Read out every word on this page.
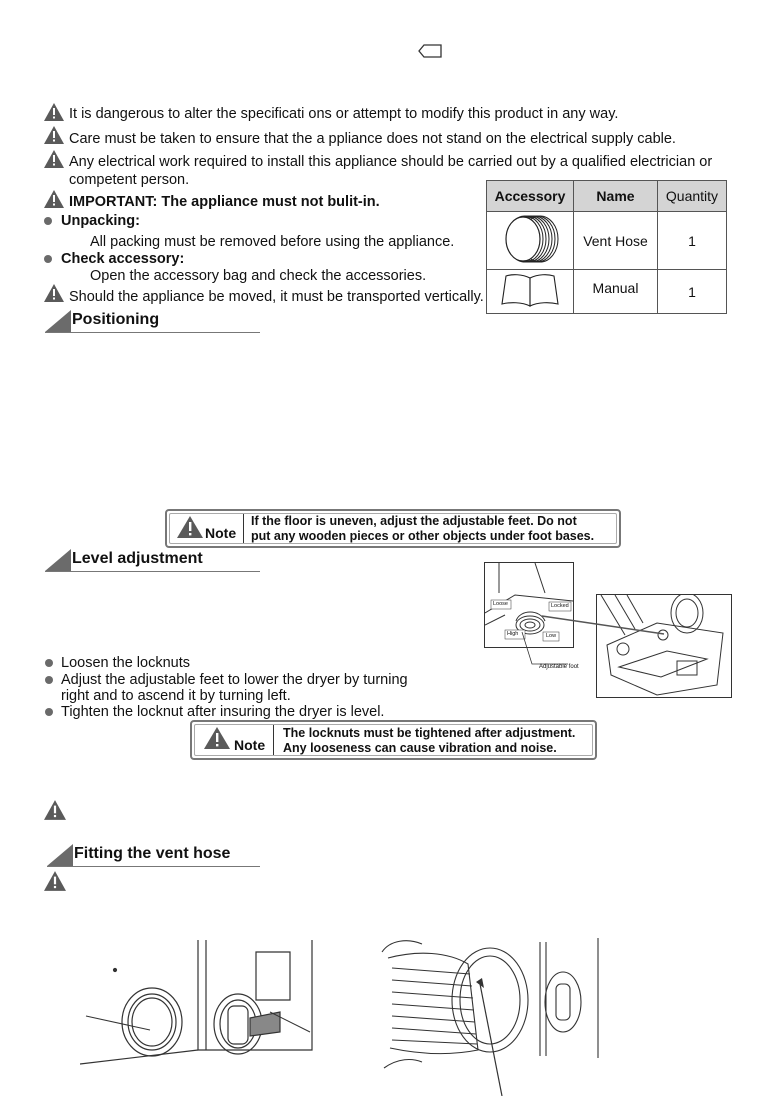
It is dangerous to alter the specificati ons or attempt to modify this product in any way.
Care must be taken to ensure that the a ppliance does not stand on the electrical supply cable.
Any electrical work required to install this appliance should be carried out by a qualified electrician or
competent person.
IMPORTANT: The appliance must not bulit-in.
Unpacking:
All packing must be removed before using the appliance.
Check accessory:
Open the accessory bag and check the accessories.
Should the appliance be moved, it must be transported vertically.
Accessory	Name	Quantity
	Vent Hose	1
	Manual	1
Positioning
Note
If the floor is uneven, adjust the adjustable feet. Do not
put any wooden pieces or other objects under foot bases.
Level adjustment
Loosen the locknuts
Adjust the adjustable feet to lower the dryer by turning
right and to ascend it by turning left.
Tighten the locknut after insuring the dryer is level.
Loose	Locked
High	Low
Adjustable foot
Note
The locknuts must be tightened after adjustment.
Any looseness can cause vibration and noise.
Fitting the vent hose
